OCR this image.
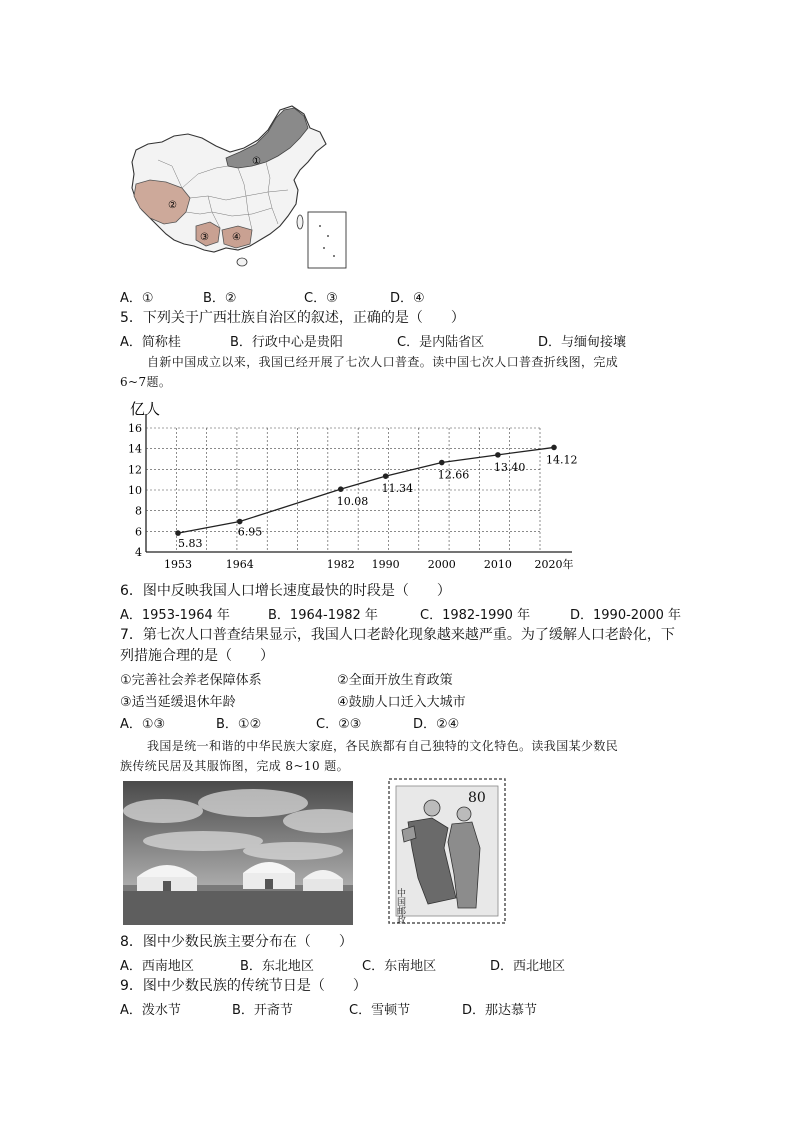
①
②
③ ④
A．①	B．②	C．③	D．④
5．下列关于广西壮族自治区的叙述，正确的是（　　）
A．简称桂	B．行政中心是贵阳	C．是内陆省区	D．与缅甸接壤
自新中国成立以来，我国已经开展了七次人口普查。读中国七次人口普查折线图，完成
6~7题。
亿人
4
6
8
10
12
14
16
1953	1964	1982 1990	2000	2010 2020年
5.83
6.95
10.08
11.34
12.66
13.40
14.12
6．图中反映我国人口增长速度最快的时段是（　　）
A．1953-1964 年	B．1964-1982 年	C．1982-1990 年	D．1990-2000 年
7．第七次人口普查结果显示，我国人口老龄化现象越来越严重。为了缓解人口老龄化，下
列措施合理的是（　　）
①完善社会养老保障体系	②全面开放生育政策
③适当延缓退休年龄	④鼓励人口迁入大城市
A．①③	B．①②	C．②③	D．②④
我国是统一和谐的中华民族大家庭，各民族都有自己独特的文化特色。读我国某少数民
族传统民居及其服饰图，完成 8~10 题。
80
中国邮政
8．图中少数民族主要分布在（　　）
A．西南地区	B．东北地区	C．东南地区	D．西北地区
9．图中少数民族的传统节日是（　　）
A．泼水节	B．开斋节	C．雪顿节	D．那达慕节
